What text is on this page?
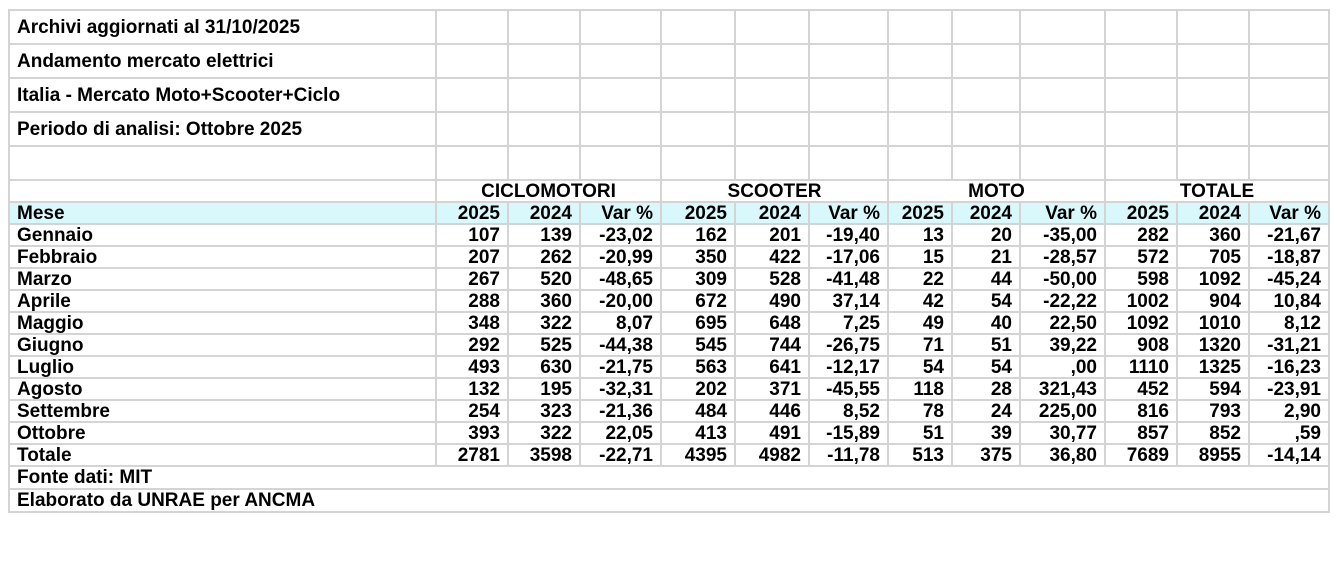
Archivi aggiornati al 31/10/2025												
Andamento mercato elettrici												
Italia - Mercato Moto+Scooter+Ciclo												
Periodo di analisi: Ottobre 2025												

	CICLOMOTORI			SCOOTER			MOTO			TOTALE		
Mese	2025	2024	Var %	2025	2024	Var %	2025	2024	Var %	2025	2024	Var %
Gennaio	107	139	-23,02	162	201	-19,40	13	20	-35,00	282	360	-21,67
Febbraio	207	262	-20,99	350	422	-17,06	15	21	-28,57	572	705	-18,87
Marzo	267	520	-48,65	309	528	-41,48	22	44	-50,00	598	1092	-45,24
Aprile	288	360	-20,00	672	490	37,14	42	54	-22,22	1002	904	10,84
Maggio	348	322	8,07	695	648	7,25	49	40	22,50	1092	1010	8,12
Giugno	292	525	-44,38	545	744	-26,75	71	51	39,22	908	1320	-31,21
Luglio	493	630	-21,75	563	641	-12,17	54	54	,00	1110	1325	-16,23
Agosto	132	195	-32,31	202	371	-45,55	118	28	321,43	452	594	-23,91
Settembre	254	323	-21,36	484	446	8,52	78	24	225,00	816	793	2,90
Ottobre	393	322	22,05	413	491	-15,89	51	39	30,77	857	852	,59
Totale	2781	3598	-22,71	4395	4982	-11,78	513	375	36,80	7689	8955	-14,14
Fonte dati: MIT												
Elaborato da UNRAE per ANCMA												
